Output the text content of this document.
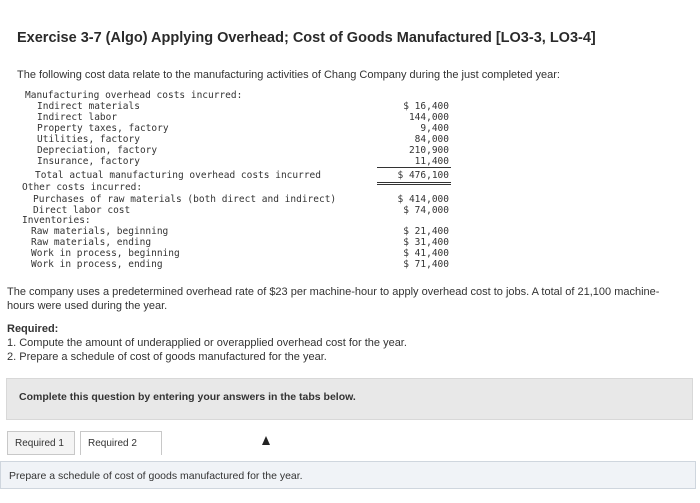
Exercise 3-7 (Algo) Applying Overhead; Cost of Goods Manufactured [LO3-3, LO3-4]
The following cost data relate to the manufacturing activities of Chang Company during the just completed year:
Manufacturing overhead costs incurred:
Indirect materials	$ 16,400
Indirect labor	144,000
Property taxes, factory	9,400
Utilities, factory	84,000
Depreciation, factory	210,900
Insurance, factory	11,400
Total actual manufacturing overhead costs incurred	$ 476,100
Other costs incurred:
Purchases of raw materials (both direct and indirect)	$ 414,000
Direct labor cost	$ 74,000
Inventories:
Raw materials, beginning	$ 21,400
Raw materials, ending	$ 31,400
Work in process, beginning	$ 41,400
Work in process, ending	$ 71,400
The company uses a predetermined overhead rate of $23 per machine-hour to apply overhead cost to jobs. A total of 21,100 machine-
hours were used during the year.
Required:
1. Compute the amount of underapplied or overapplied overhead cost for the year.
2. Prepare a schedule of cost of goods manufactured for the year.
Complete this question by entering your answers in the tabs below.
Required 1	Required 2
Prepare a schedule of cost of goods manufactured for the year.
